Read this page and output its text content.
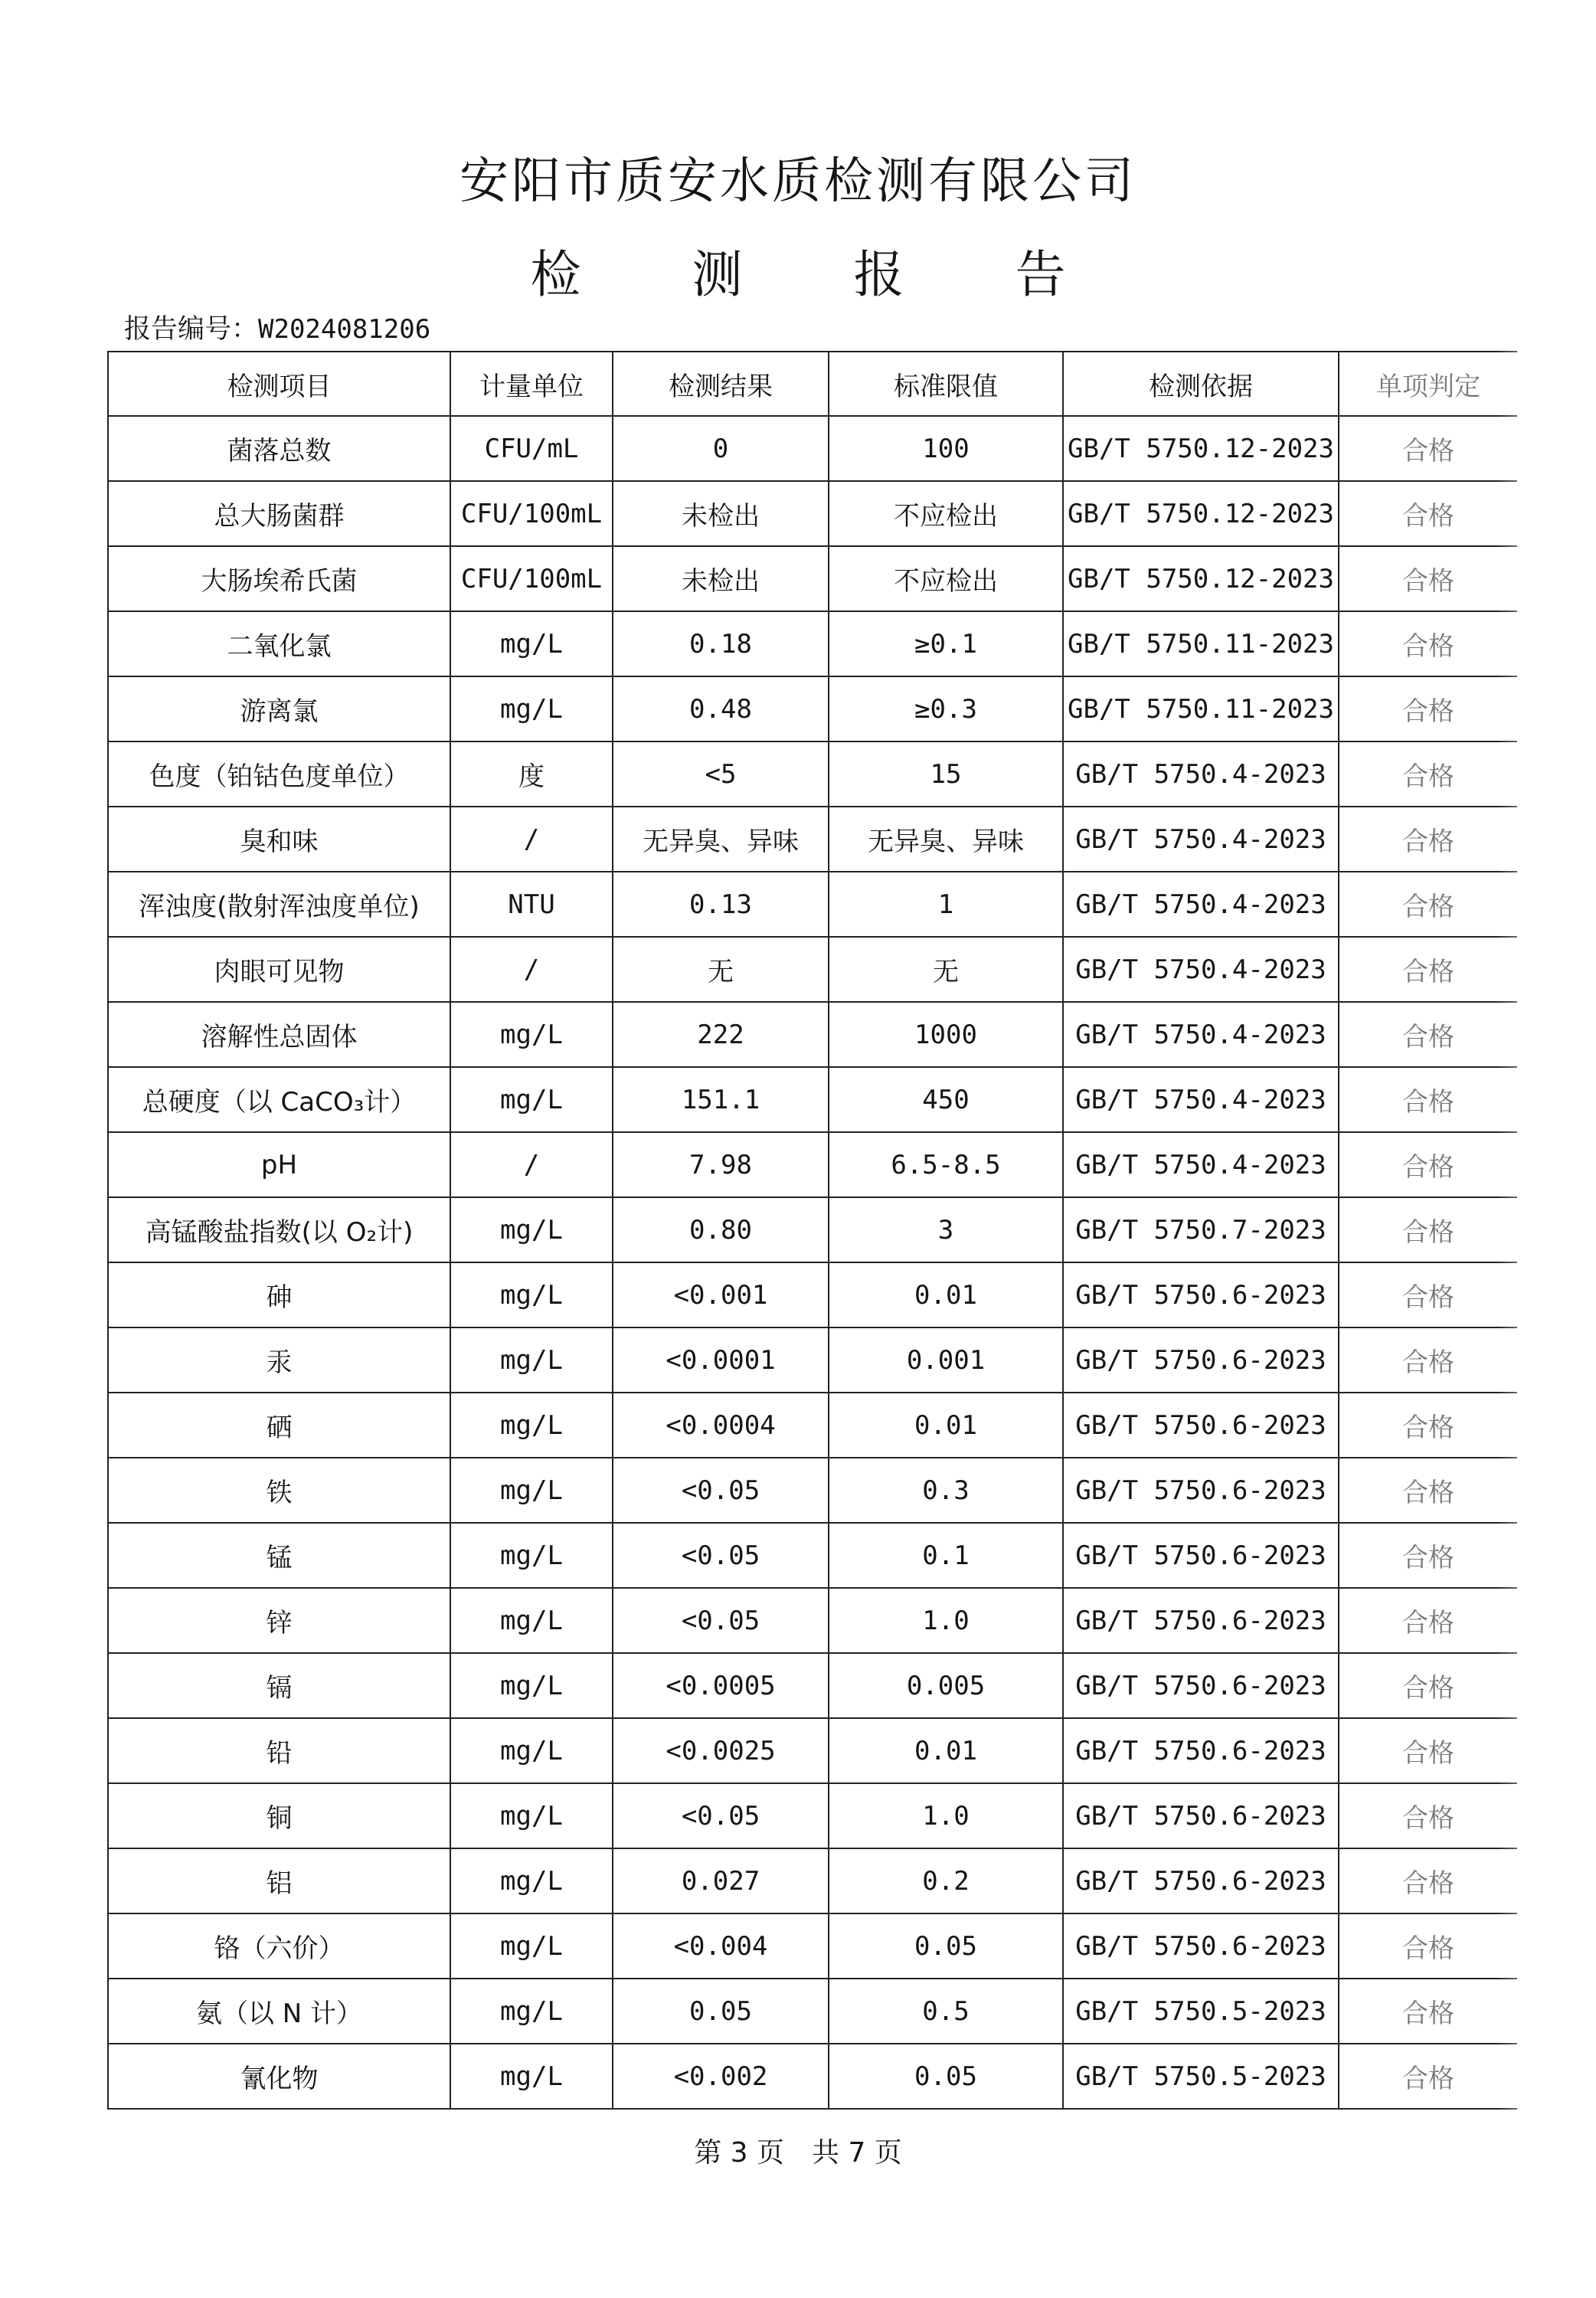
安阳市质安水质检测有限公司
检 测 报 告
报告编号：W2024081206
检测项目	计量单位	检测结果	标准限值	检测依据	单项判定
菌落总数	CFU/mL	0	100	GB/T 5750.12-2023	合格
总大肠菌群	CFU/100mL	未检出	不应检出	GB/T 5750.12-2023	合格
大肠埃希氏菌	CFU/100mL	未检出	不应检出	GB/T 5750.12-2023	合格
二氧化氯	mg/L	0.18	≥0.1	GB/T 5750.11-2023	合格
游离氯	mg/L	0.48	≥0.3	GB/T 5750.11-2023	合格
色度（铂钴色度单位）	度	<5	15	GB/T 5750.4-2023	合格
臭和味	/	无异臭、异味	无异臭、异味	GB/T 5750.4-2023	合格
浑浊度(散射浑浊度单位)	NTU	0.13	1	GB/T 5750.4-2023	合格
肉眼可见物	/	无	无	GB/T 5750.4-2023	合格
溶解性总固体	mg/L	222	1000	GB/T 5750.4-2023	合格
总硬度（以 CaCO₃计）	mg/L	151.1	450	GB/T 5750.4-2023	合格
pH	/	7.98	6.5-8.5	GB/T 5750.4-2023	合格
高锰酸盐指数(以 O₂计)	mg/L	0.80	3	GB/T 5750.7-2023	合格
砷	mg/L	<0.001	0.01	GB/T 5750.6-2023	合格
汞	mg/L	<0.0001	0.001	GB/T 5750.6-2023	合格
硒	mg/L	<0.0004	0.01	GB/T 5750.6-2023	合格
铁	mg/L	<0.05	0.3	GB/T 5750.6-2023	合格
锰	mg/L	<0.05	0.1	GB/T 5750.6-2023	合格
锌	mg/L	<0.05	1.0	GB/T 5750.6-2023	合格
镉	mg/L	<0.0005	0.005	GB/T 5750.6-2023	合格
铅	mg/L	<0.0025	0.01	GB/T 5750.6-2023	合格
铜	mg/L	<0.05	1.0	GB/T 5750.6-2023	合格
铝	mg/L	0.027	0.2	GB/T 5750.6-2023	合格
铬（六价）	mg/L	<0.004	0.05	GB/T 5750.6-2023	合格
氨（以 N 计）	mg/L	0.05	0.5	GB/T 5750.5-2023	合格
氰化物	mg/L	<0.002	0.05	GB/T 5750.5-2023	合格
第 3 页　共 7 页
